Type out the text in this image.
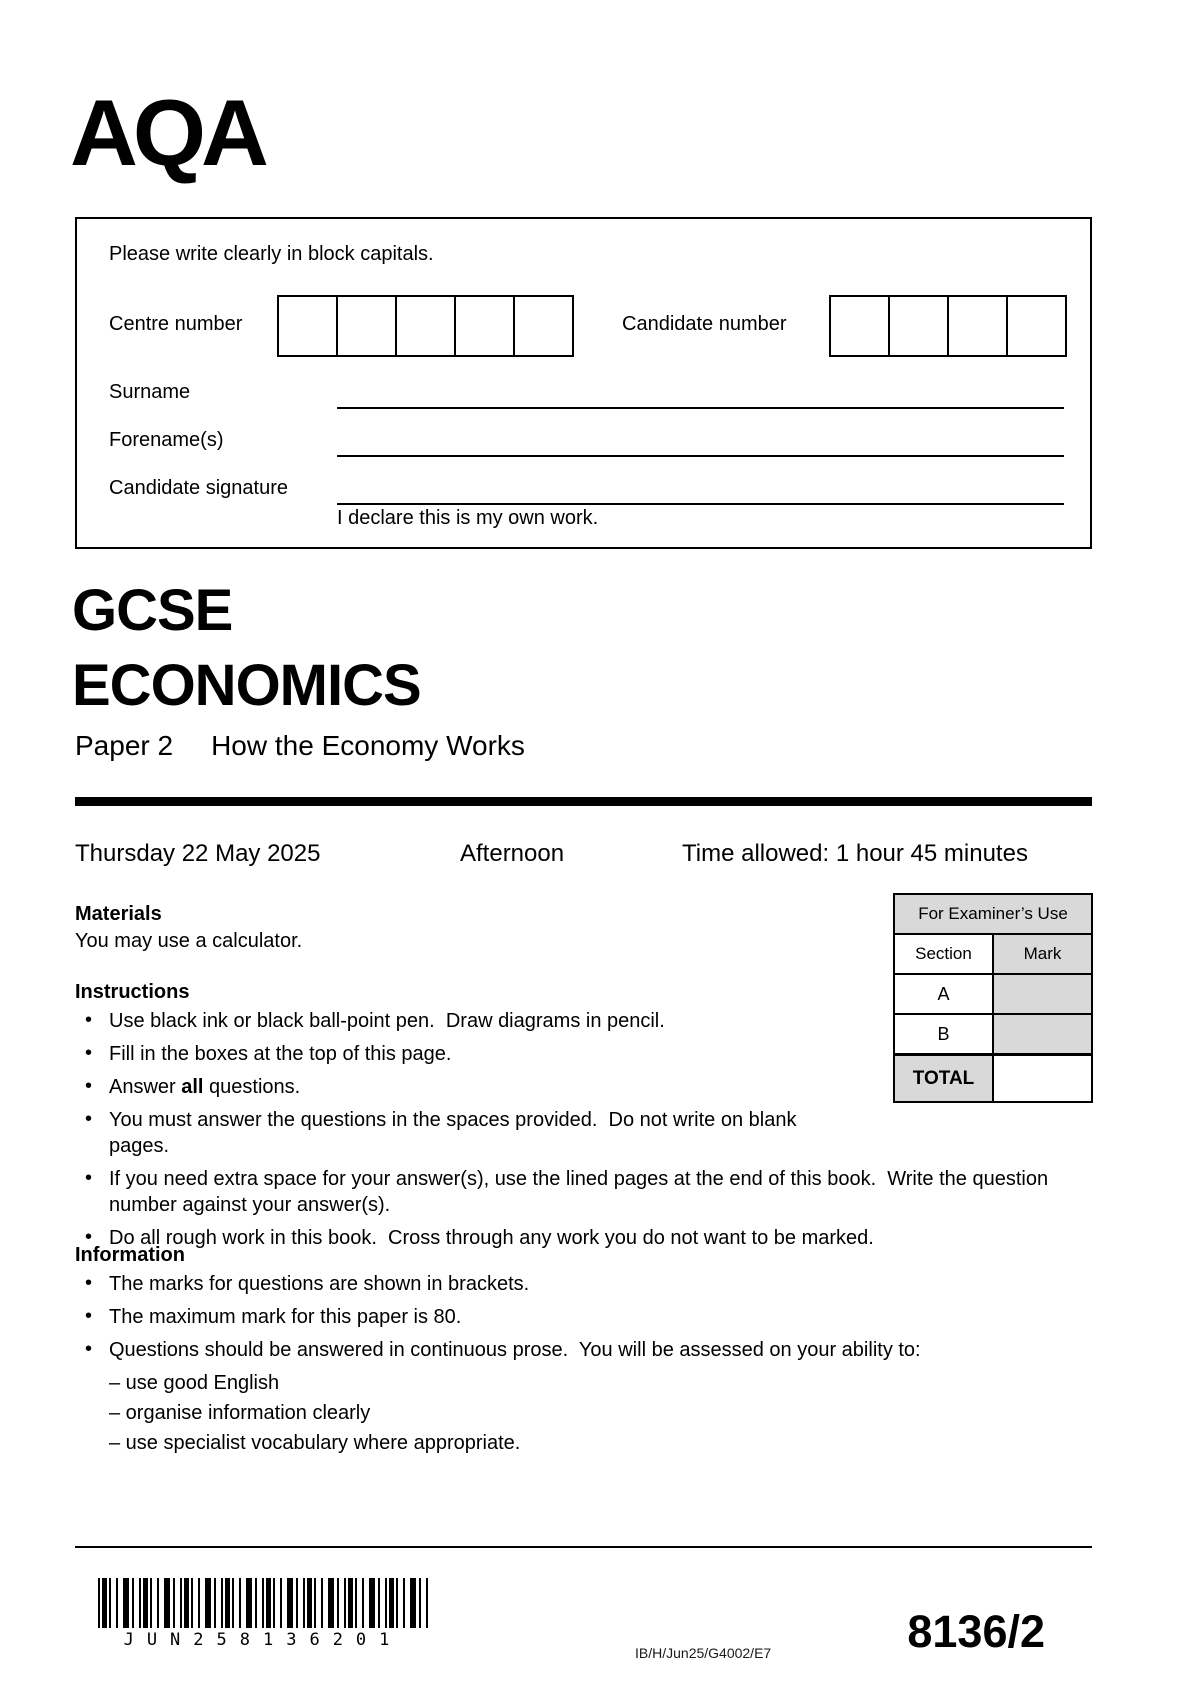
AQA
Please write clearly in block capitals.
Centre number	Candidate number
Surname
Forename(s)
Candidate signature
I declare this is my own work.
GCSE
ECONOMICS
Paper 2 How the Economy Works
Thursday 22 May 2025	Afternoon	Time allowed: 1 hour 45 minutes
Materials
You may use a calculator.
Instructions
• Use black ink or black ball-point pen.  Draw diagrams in pencil.
• Fill in the boxes at the top of this page.
• Answer all questions.
• You must answer the questions in the spaces provided.  Do not write on blank pages.
• If you need extra space for your answer(s), use the lined pages at the end of this book.  Write the question number against your answer(s).
• Do all rough work in this book.  Cross through any work you do not want to be marked.
Information
• The marks for questions are shown in brackets.
• The maximum mark for this paper is 80.
• Questions should be answered in continuous prose.  You will be assessed on your ability to:
– use good English
– organise information clearly
– use specialist vocabulary where appropriate.
For Examiner’s Use	
Section	Mark
A	
B	
TOTAL	
JUN258136201
IB/H/Jun25/G4002/E7	8136/2
